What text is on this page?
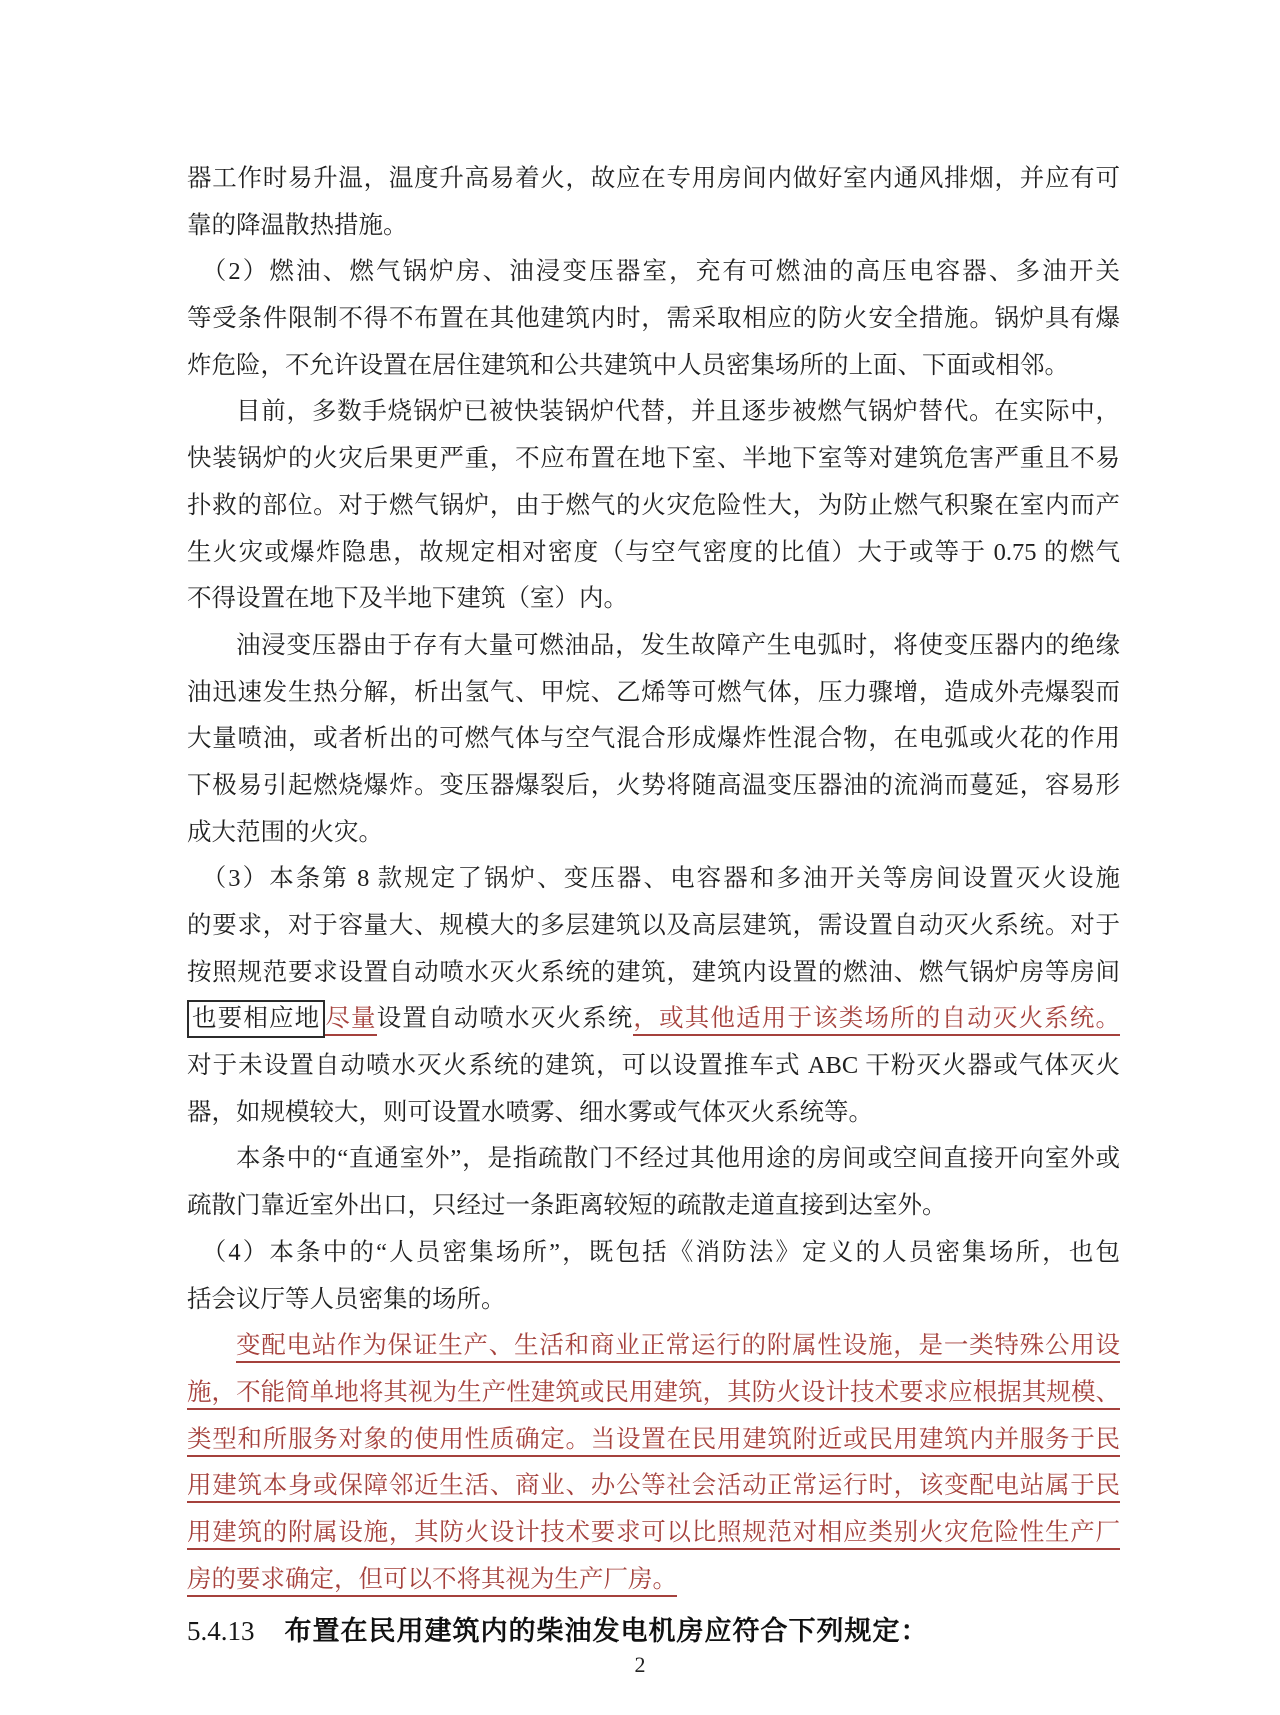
器工作时易升温，温度升高易着火，故应在专用房间内做好室内通风排烟，并应有可
靠的降温散热措施。
（2）燃油、燃气锅炉房、油浸变压器室，充有可燃油的高压电容器、多油开关
等受条件限制不得不布置在其他建筑内时，需采取相应的防火安全措施。锅炉具有爆
炸危险，不允许设置在居住建筑和公共建筑中人员密集场所的上面、下面或相邻。
目前，多数手烧锅炉已被快装锅炉代替，并且逐步被燃气锅炉替代。在实际中，
快装锅炉的火灾后果更严重，不应布置在地下室、半地下室等对建筑危害严重且不易
扑救的部位。对于燃气锅炉，由于燃气的火灾危险性大，为防止燃气积聚在室内而产
生火灾或爆炸隐患，故规定相对密度（与空气密度的比值）大于或等于 0.75 的燃气
不得设置在地下及半地下建筑（室）内。
油浸变压器由于存有大量可燃油品，发生故障产生电弧时，将使变压器内的绝缘
油迅速发生热分解，析出氢气、甲烷、乙烯等可燃气体，压力骤增，造成外壳爆裂而
大量喷油，或者析出的可燃气体与空气混合形成爆炸性混合物，在电弧或火花的作用
下极易引起燃烧爆炸。变压器爆裂后，火势将随高温变压器油的流淌而蔓延，容易形
成大范围的火灾。
（3）本条第 8 款规定了锅炉、变压器、电容器和多油开关等房间设置灭火设施
的要求，对于容量大、规模大的多层建筑以及高层建筑，需设置自动灭火系统。对于
按照规范要求设置自动喷水灭火系统的建筑，建筑内设置的燃油、燃气锅炉房等房间
也要相应地 尽量设置自动喷水灭火系统，或其他适用于该类场所的自动灭火系统。
对于未设置自动喷水灭火系统的建筑，可以设置推车式 ABC 干粉灭火器或气体灭火
器，如规模较大，则可设置水喷雾、细水雾或气体灭火系统等。
本条中的“直通室外”，是指疏散门不经过其他用途的房间或空间直接开向室外或
疏散门靠近室外出口，只经过一条距离较短的疏散走道直接到达室外。
（4）本条中的“人员密集场所”，既包括《消防法》定义的人员密集场所，也包
括会议厅等人员密集的场所。
变配电站作为保证生产、生活和商业正常运行的附属性设施，是一类特殊公用设
施，不能简单地将其视为生产性建筑或民用建筑，其防火设计技术要求应根据其规模、
类型和所服务对象的使用性质确定。当设置在民用建筑附近或民用建筑内并服务于民
用建筑本身或保障邻近生活、商业、办公等社会活动正常运行时，该变配电站属于民
用建筑的附属设施，其防火设计技术要求可以比照规范对相应类别火灾危险性生产厂
房的要求确定，但可以不将其视为生产厂房。
5.4.13 布置在民用建筑内的柴油发电机房应符合下列规定：
2
